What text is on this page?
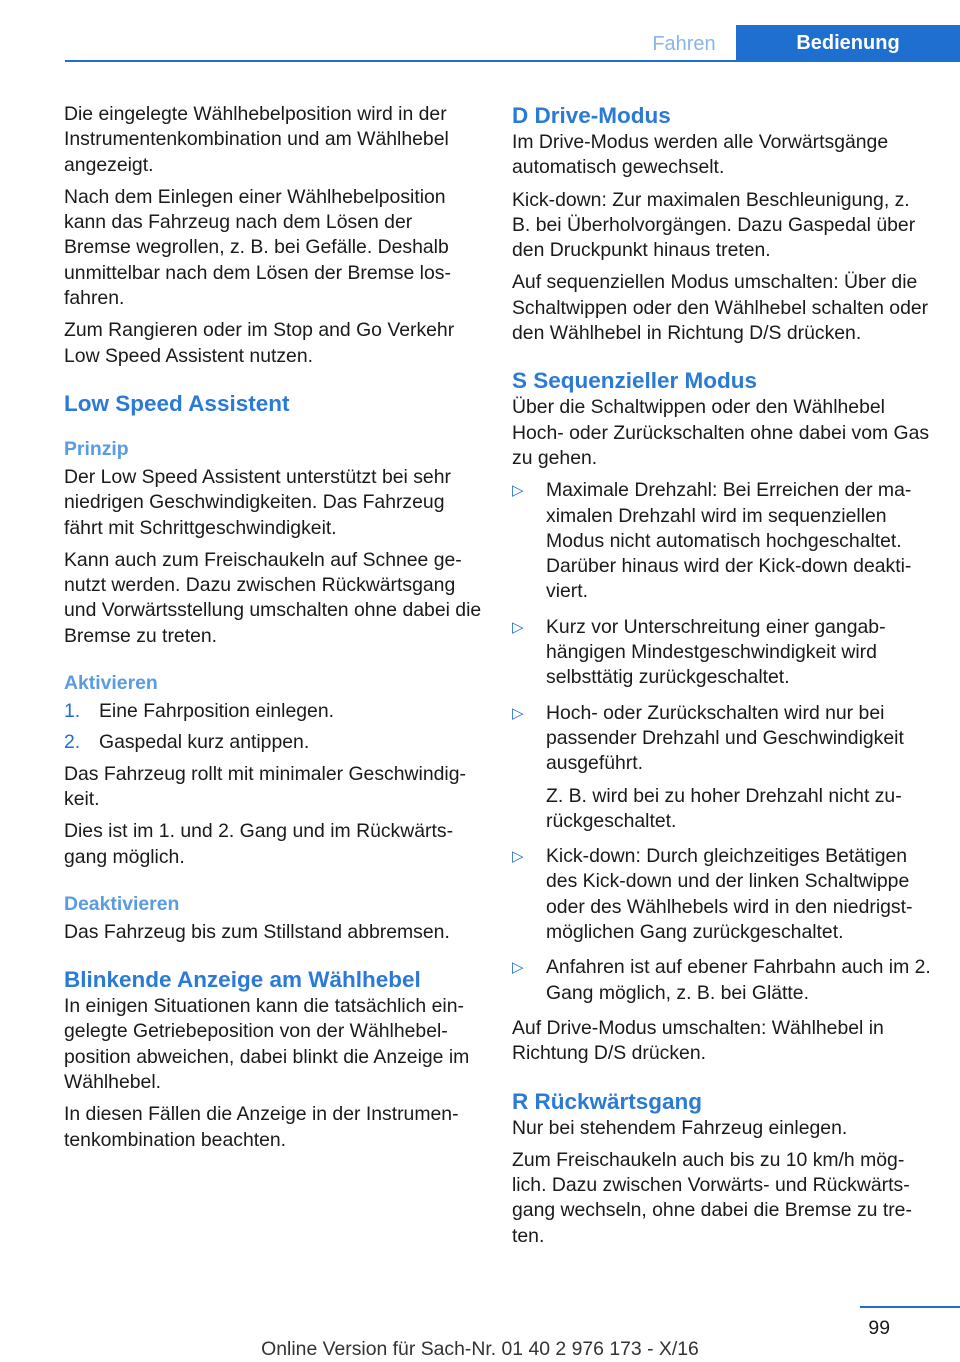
Fahren	Bedienung

Die eingelegte Wählhebelposition wird in der Instrumentenkombination und am Wählhebel angezeigt.

Nach dem Einlegen einer Wählhebelposition kann das Fahrzeug nach dem Lösen der Bremse wegrollen, z. B. bei Gefälle. Deshalb unmittelbar nach dem Lösen der Bremse losfahren.

Zum Rangieren oder im Stop and Go Verkehr Low Speed Assistent nutzen.

Low Speed Assistent
Prinzip

Der Low Speed Assistent unterstützt bei sehr niedrigen Geschwindigkeiten. Das Fahrzeug fährt mit Schrittgeschwindigkeit.

Kann auch zum Freischaukeln auf Schnee genutzt werden. Dazu zwischen Rückwärtsgang und Vorwärtsstellung umschalten ohne dabei die Bremse zu treten.

Aktivieren
1. Eine Fahrposition einlegen.
2. Gaspedal kurz antippen.

Das Fahrzeug rollt mit minimaler Geschwindigkeit.

Dies ist im 1. und 2. Gang und im Rückwärtsgang möglich.

Deaktivieren

Das Fahrzeug bis zum Stillstand abbremsen.

Blinkende Anzeige am Wählhebel

In einigen Situationen kann die tatsächlich eingelegte Getriebeposition von der Wählhebelposition abweichen, dabei blinkt die Anzeige im Wählhebel.

In diesen Fällen die Anzeige in der Instrumentenkombination beachten.

D Drive-Modus

Im Drive-Modus werden alle Vorwärtsgänge automatisch gewechselt.

Kick-down: Zur maximalen Beschleunigung, z. B. bei Überholvorgängen. Dazu Gaspedal über den Druckpunkt hinaus treten.

Auf sequenziellen Modus umschalten: Über die Schaltwippen oder den Wählhebel schalten oder den Wählhebel in Richtung D/S drücken.

S Sequenzieller Modus

Über die Schaltwippen oder den Wählhebel Hoch- oder Zurückschalten ohne dabei vom Gas zu gehen.

▷	Maximale Drehzahl: Bei Erreichen der maximalen Drehzahl wird im sequenziellen Modus nicht automatisch hochgeschaltet. Darüber hinaus wird der Kick-down deaktiviert.

▷	Kurz vor Unterschreitung einer gangabhängigen Mindestgeschwindigkeit wird selbsttätig zurückgeschaltet.

▷	Hoch- oder Zurückschalten wird nur bei passender Drehzahl und Geschwindigkeit ausgeführt.

Z. B. wird bei zu hoher Drehzahl nicht zurückgeschaltet.

▷	Kick-down: Durch gleichzeitiges Betätigen des Kick-down und der linken Schaltwippe oder des Wählhebels wird in den niedrigstmöglichen Gang zurückgeschaltet.

▷	Anfahren ist auf ebener Fahrbahn auch im 2. Gang möglich, z. B. bei Glätte.

Auf Drive-Modus umschalten: Wählhebel in Richtung D/S drücken.

R Rückwärtsgang

Nur bei stehendem Fahrzeug einlegen.

Zum Freischaukeln auch bis zu 10 km/h möglich. Dazu zwischen Vorwärts- und Rückwärtsgang wechseln, ohne dabei die Bremse zu treten.

99
Online Version für Sach-Nr. 01 40 2 976 173 - X/16
